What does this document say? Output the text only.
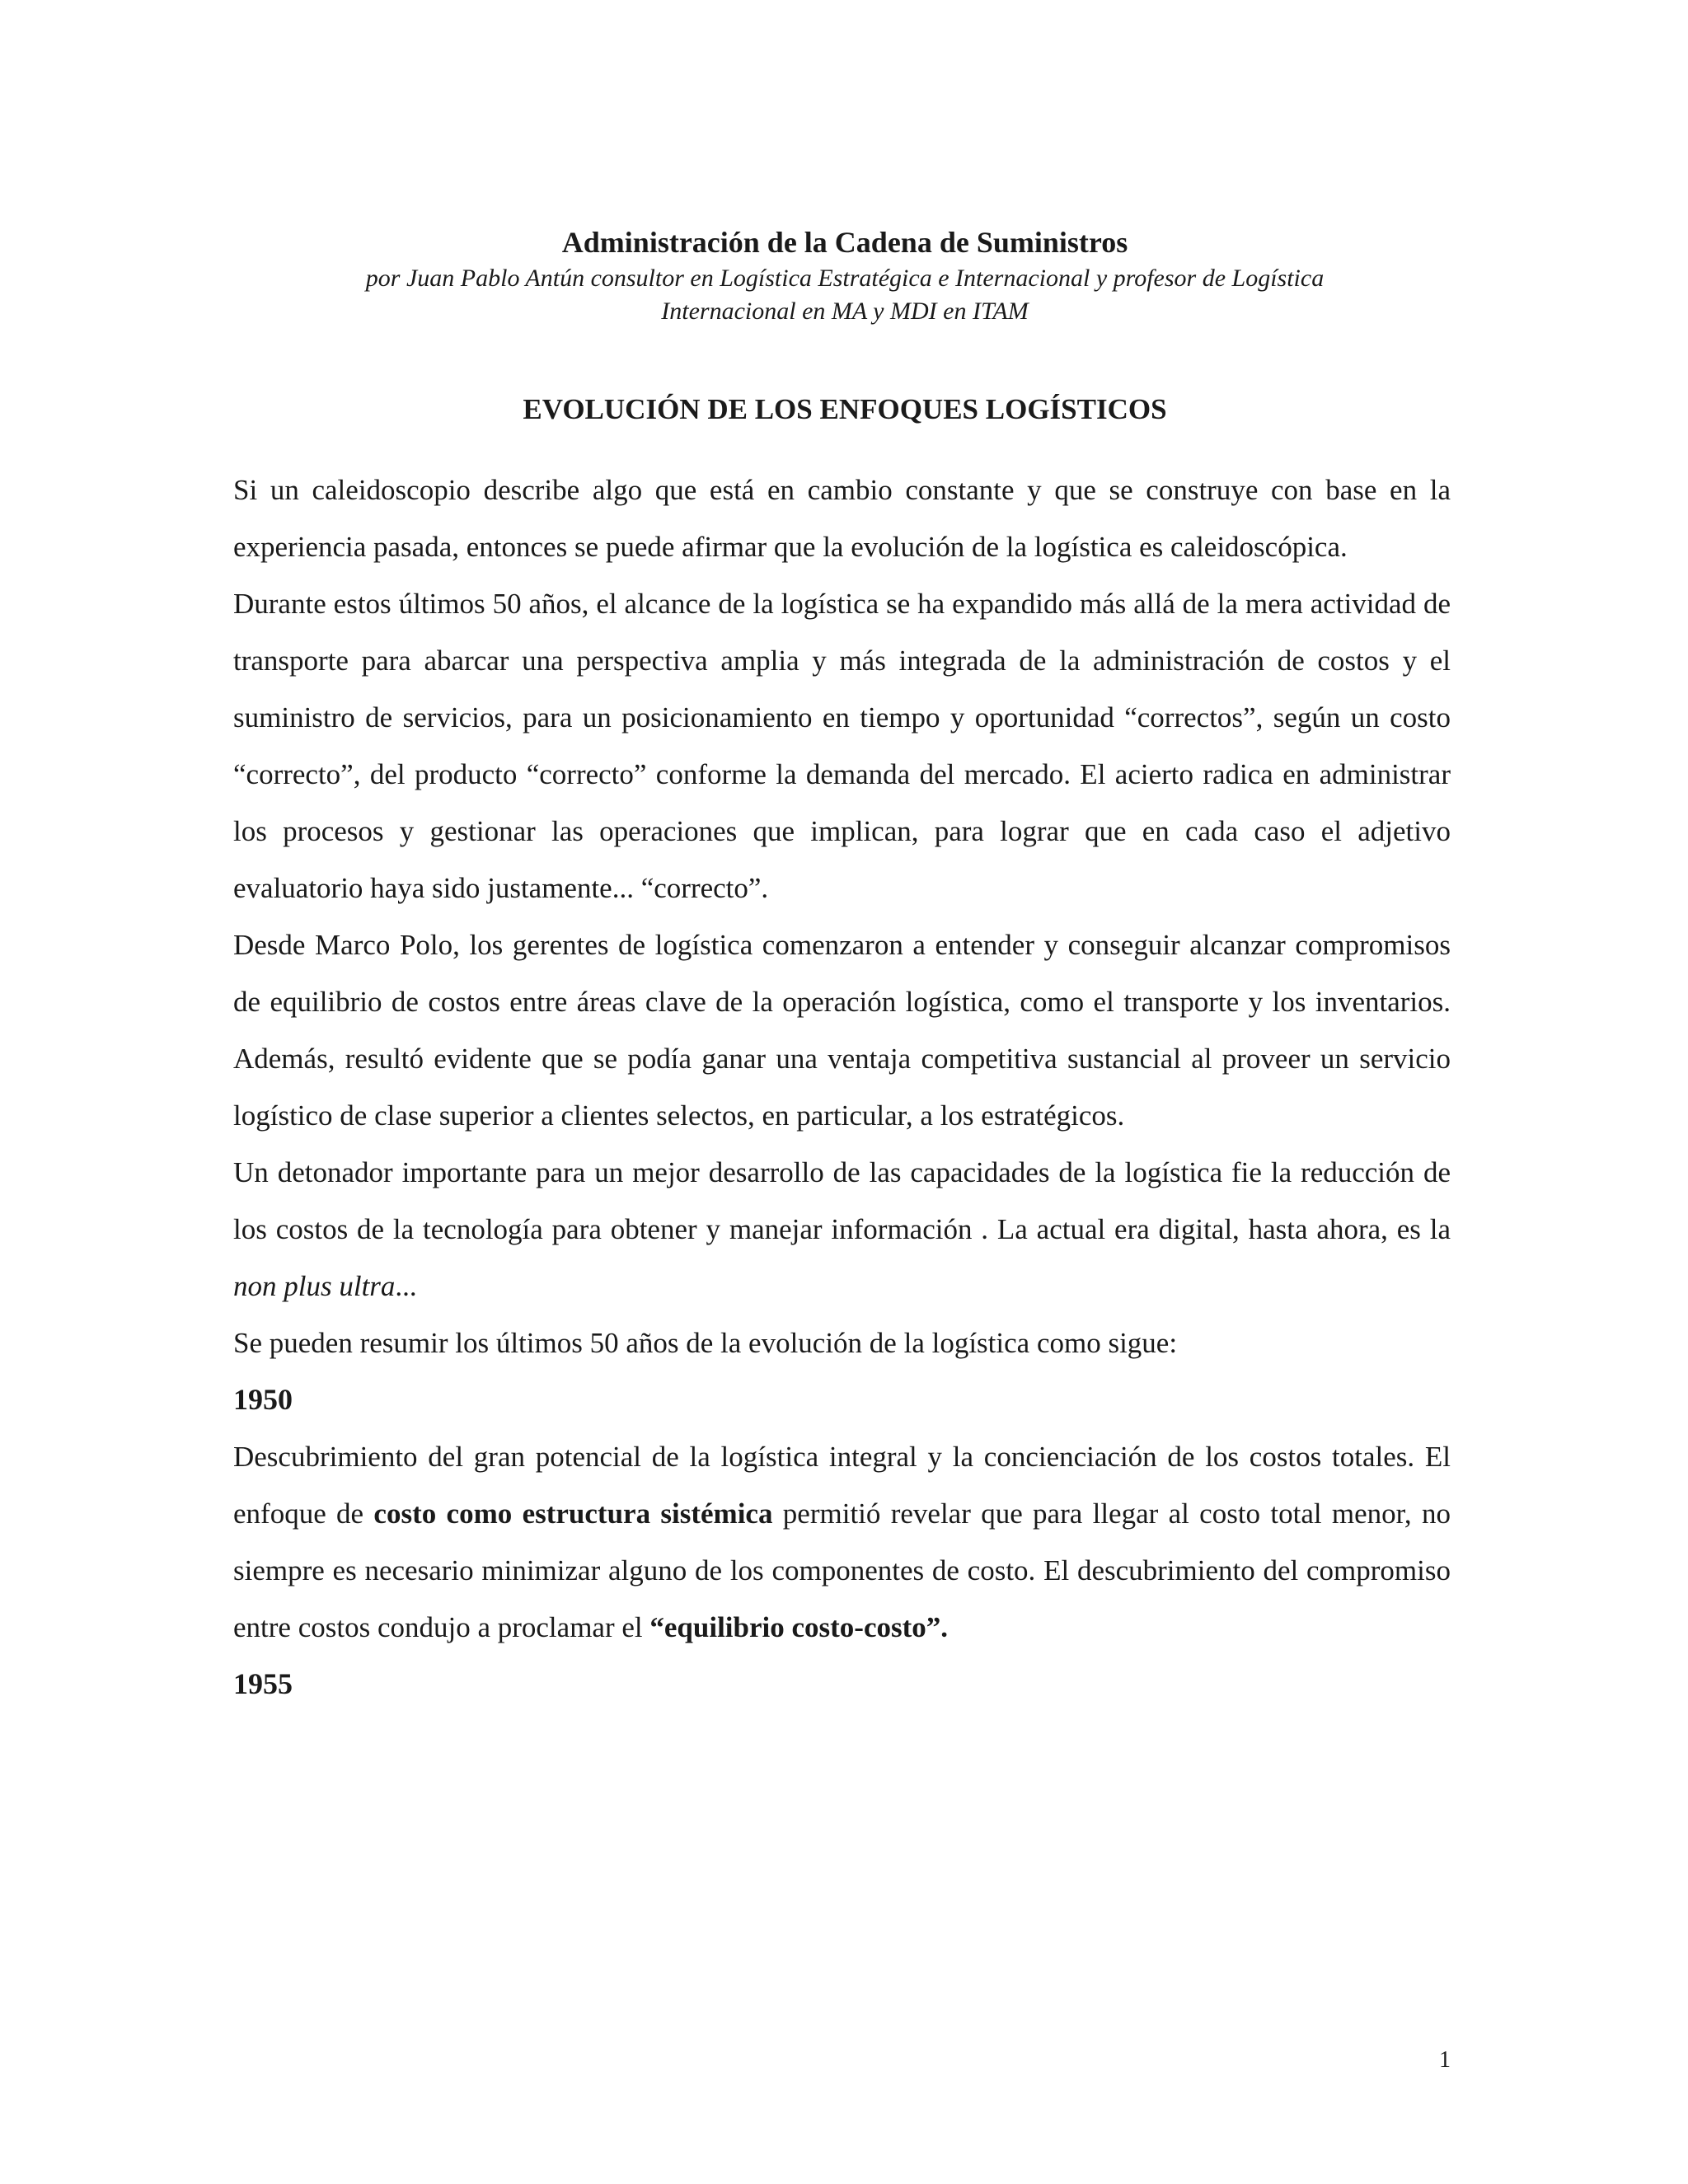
Administración de la Cadena de Suministros

por Juan Pablo Antún consultor en Logística Estratégica e Internacional y profesor de Logística

Internacional en MA y MDI en ITAM

EVOLUCIÓN DE LOS ENFOQUES LOGÍSTICOS

Si un caleidoscopio describe algo que está en cambio constante y que se construye con base en la experiencia pasada, entonces se puede afirmar que la evolución de la logística es caleidoscópica.

Durante estos últimos 50 años, el alcance de la logística se ha expandido más allá de la mera actividad de transporte para abarcar una perspectiva amplia y más integrada de la administración de costos y el suministro de servicios, para un posicionamiento en tiempo y oportunidad “correctos”, según un costo “correcto”, del producto “correcto” conforme la demanda del mercado. El acierto radica en administrar los procesos y gestionar las operaciones que implican, para lograr que en cada caso el adjetivo evaluatorio haya sido justamente... “correcto”.

Desde Marco Polo, los gerentes de logística comenzaron a entender y conseguir alcanzar compromisos de equilibrio de costos entre áreas clave de la operación logística, como el transporte y los inventarios. Además, resultó evidente que se podía ganar una ventaja competitiva sustancial al proveer un servicio logístico de clase superior a clientes selectos, en particular, a los estratégicos.

Un detonador importante para un mejor desarrollo de las capacidades de la logística fie la reducción de los costos de la tecnología para obtener y manejar información . La actual era digital, hasta ahora, es la non plus ultra...

Se pueden resumir los últimos 50 años de la evolución de la logística como sigue:

1950

Descubrimiento del gran potencial de la logística integral y la concienciación de los costos totales. El enfoque de costo como estructura sistémica permitió revelar que para llegar al costo total menor, no siempre es necesario minimizar alguno de los componentes de costo. El descubrimiento del compromiso entre costos condujo a proclamar el “equilibrio costo-costo”.

1955

1
